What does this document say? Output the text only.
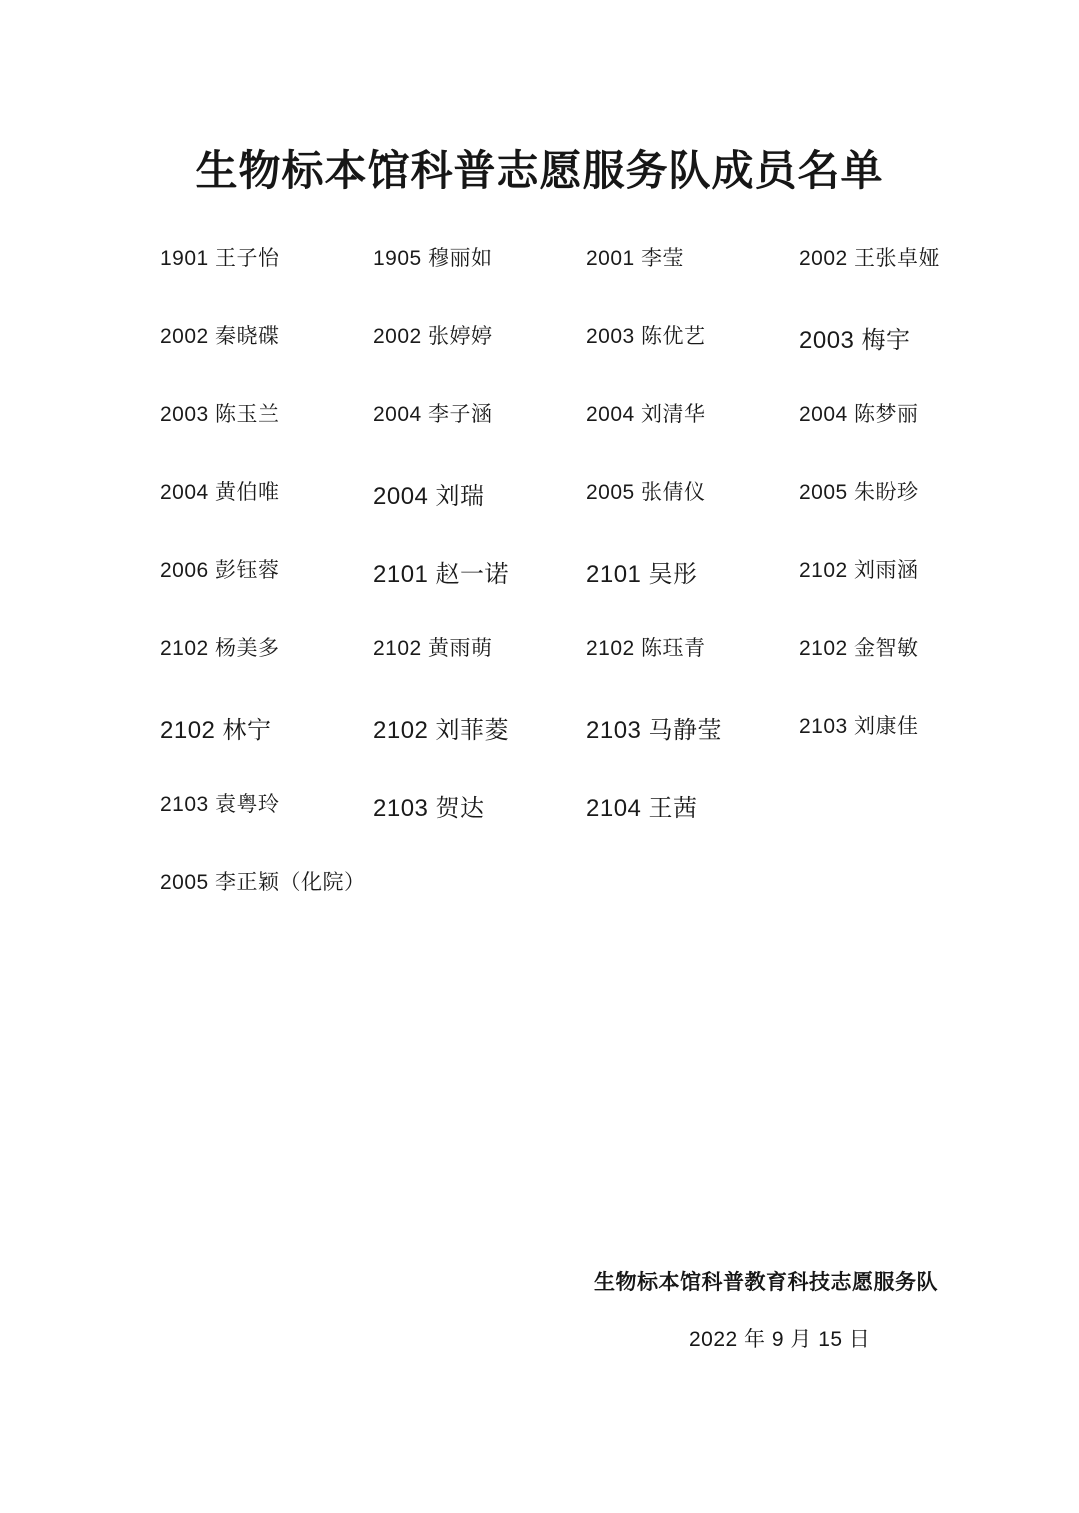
生物标本馆科普志愿服务队成员名单
1901 王子怡	1905 穆丽如	2001 李莹	2002 王张卓娅
2002 秦晓碟	2002 张婷婷	2003 陈优艺	2003 梅宇
2003 陈玉兰	2004 李子涵	2004 刘清华	2004 陈梦丽
2004 黄伯唯	2004 刘瑞	2005 张倩仪	2005 朱盼珍
2006 彭钰蓉	2101 赵一诺	2101 吴彤	2102 刘雨涵
2102 杨美多	2102 黄雨萌	2102 陈珏青	2102 金智敏
2102 林宁	2102 刘菲菱	2103 马静莹	2103 刘康佳
2103 袁粤玲	2103 贺达	2104 王茜
2005 李正颖（化院）
生物标本馆科普教育科技志愿服务队
2022 年 9 月 15 日
